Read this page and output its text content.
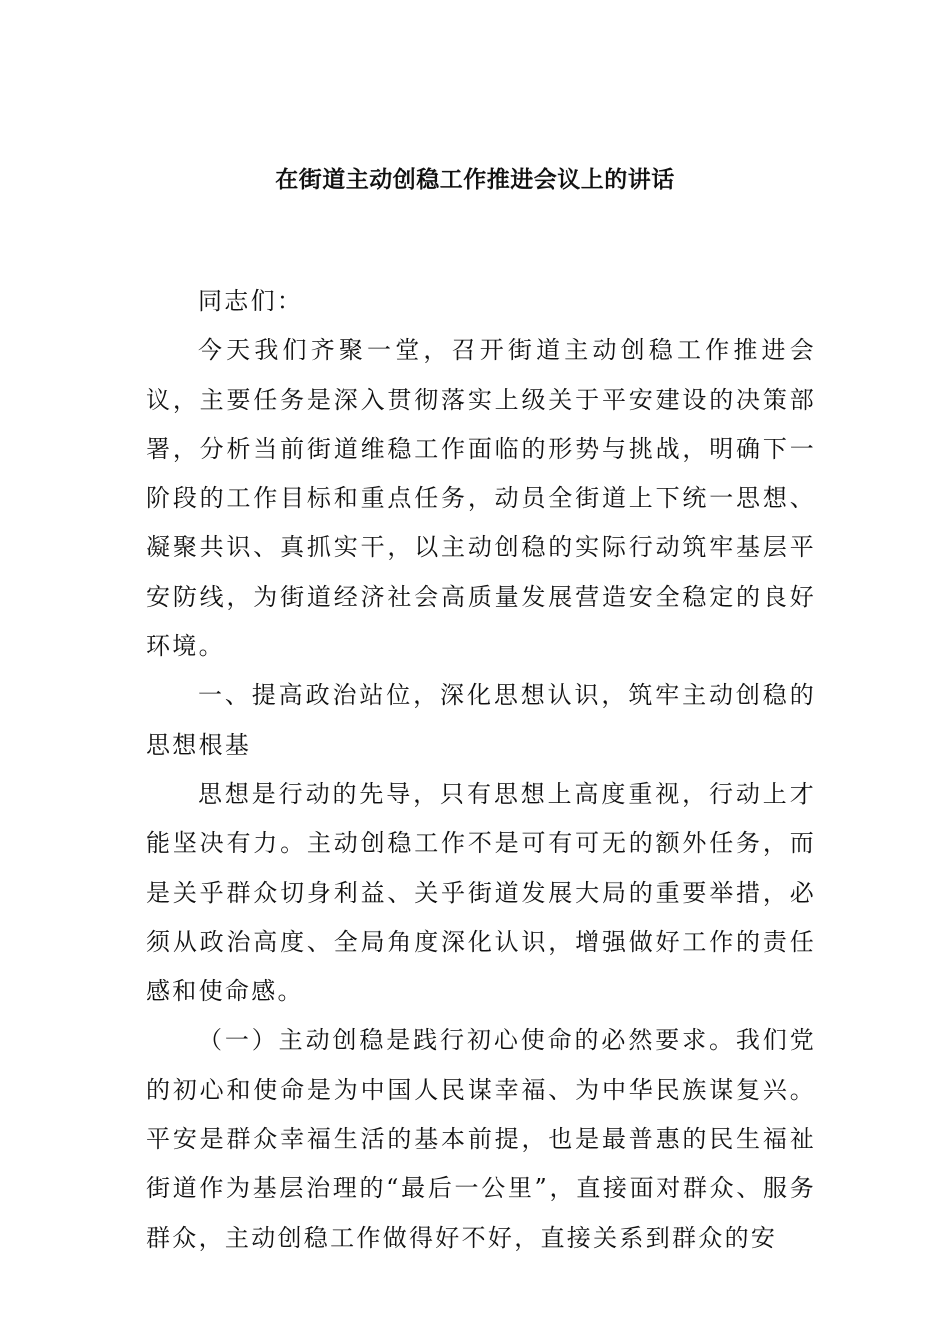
在街道主动创稳工作推进会议上的讲话

同志们：

今天我们齐聚一堂，召开街道主动创稳工作推进会议，主要任务是深入贯彻落实上级关于平安建设的决策部署，分析当前街道维稳工作面临的形势与挑战，明确下一阶段的工作目标和重点任务，动员全街道上下统一思想、凝聚共识、真抓实干，以主动创稳的实际行动筑牢基层平安防线，为街道经济社会高质量发展营造安全稳定的良好环境。

一、提高政治站位，深化思想认识，筑牢主动创稳的思想根基

思想是行动的先导，只有思想上高度重视，行动上才能坚决有力。主动创稳工作不是可有可无的额外任务，而是关乎群众切身利益、关乎街道发展大局的重要举措，必须从政治高度、全局角度深化认识，增强做好工作的责任感和使命感。

（一）主动创稳是践行初心使命的必然要求。我们党的初心和使命是为中国人民谋幸福、为中华民族谋复兴。平安是群众幸福生活的基本前提，也是最普惠的民生福祉街道作为基层治理的“最后一公里”，直接面对群众、服务群众，主动创稳工作做得好不好，直接关系到群众的安
